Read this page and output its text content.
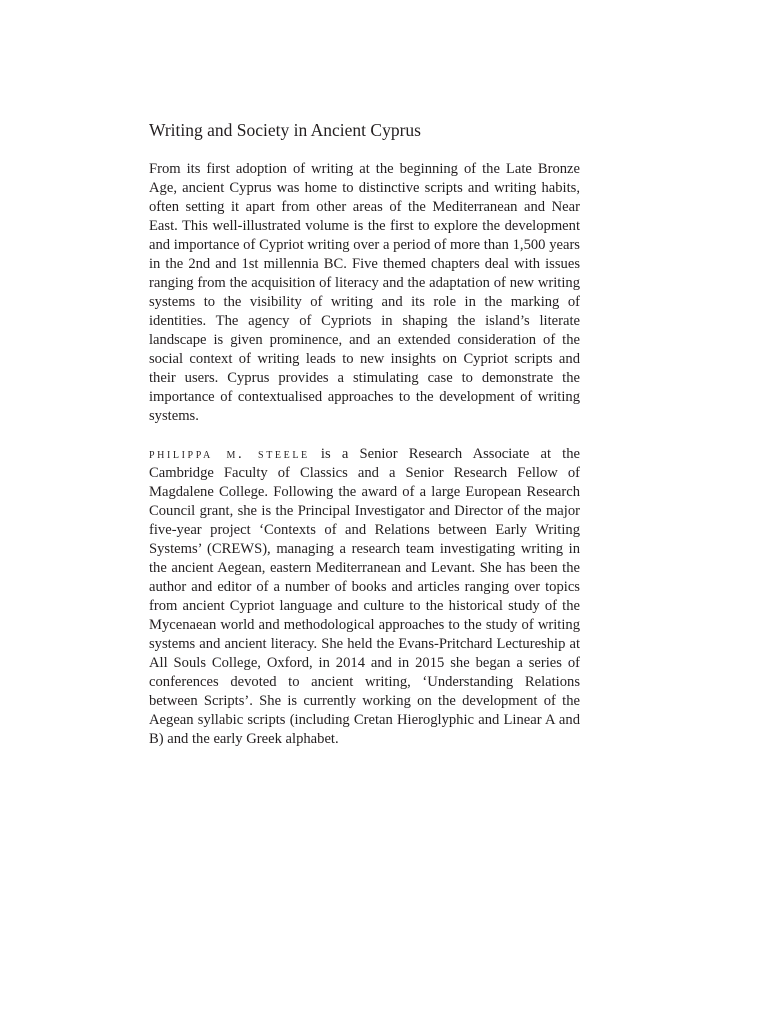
Writing and Society in Ancient Cyprus

From its first adoption of writing at the beginning of the Late Bronze Age, ancient Cyprus was home to distinctive scripts and writing habits, often setting it apart from other areas of the Mediterranean and Near East. This well-illustrated volume is the first to explore the development and importance of Cypriot writing over a period of more than 1,500 years in the 2nd and 1st millennia BC. Five themed chapters deal with issues ranging from the acquisition of literacy and the adaptation of new writing systems to the visibility of writing and its role in the marking of identities. The agency of Cypriots in shaping the island’s literate landscape is given prominence, and an extended consideration of the social context of writing leads to new insights on Cypriot scripts and their users. Cyprus provides a stimulating case to demonstrate the importance of contextualised approaches to the development of writing systems.

philippa m. steele is a Senior Research Associate at the Cambridge Faculty of Classics and a Senior Research Fellow of Magdalene College. Following the award of a large European Research Council grant, she is the Principal Investigator and Director of the major five-year project ‘Contexts of and Relations between Early Writing Systems’ (CREWS), managing a research team investigating writing in the ancient Aegean, eastern Mediterranean and Levant. She has been the author and editor of a number of books and articles ranging over topics from ancient Cypriot language and culture to the historical study of the Mycenaean world and methodological approaches to the study of writing systems and ancient literacy. She held the Evans-Pritchard Lectureship at All Souls College, Oxford, in 2014 and in 2015 she began a series of conferences devoted to ancient writing, ‘Understanding Relations between Scripts’. She is currently working on the development of the Aegean syllabic scripts (including Cretan Hieroglyphic and Linear A and B) and the early Greek alphabet.
